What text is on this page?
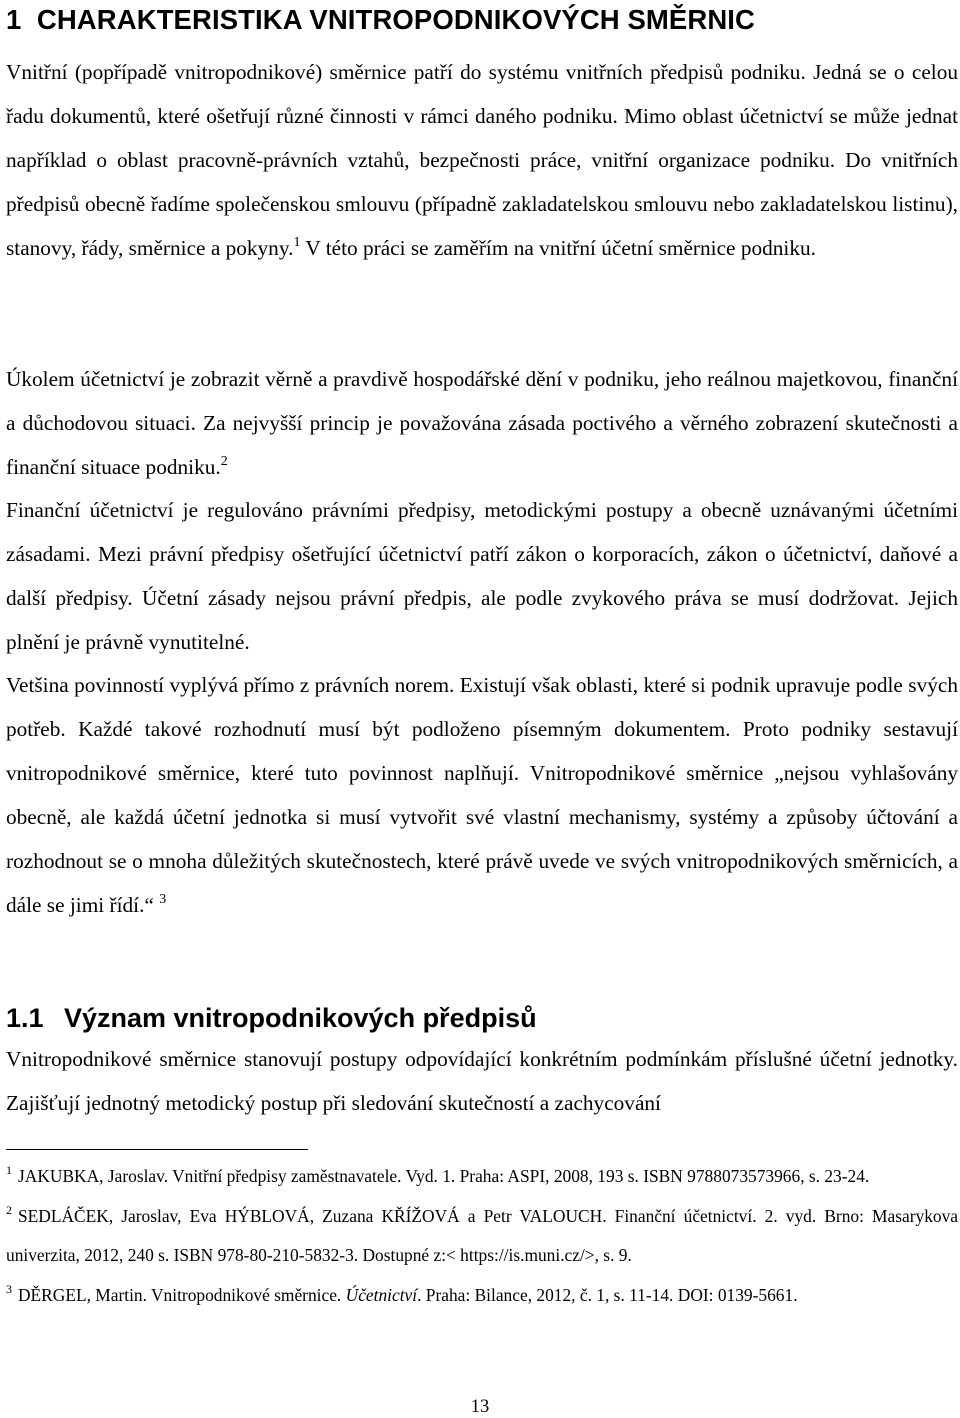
1 CHARAKTERISTIKA VNITROPODNIKOVÝCH SMĚRNIC

Vnitřní (popřípadě vnitropodnikové) směrnice patří do systému vnitřních předpisů podniku. Jedná se o celou řadu dokumentů, které ošetřují různé činnosti v rámci daného podniku. Mimo oblast účetnictví se může jednat například o oblast pracovně-právních vztahů, bezpečnosti práce, vnitřní organizace podniku. Do vnitřních předpisů obecně řadíme společenskou smlouvu (případně zakladatelskou smlouvu nebo zakladatelskou listinu), stanovy, řády, směrnice a pokyny.$^1$ V této práci se zaměřím na vnitřní účetní směrnice podniku.

Úkolem účetnictví je zobrazit věrně a pravdivě hospodářské dění v podniku, jeho reálnou majetkovou, finanční a důchodovou situaci. Za nejvyšší princip je považována zásada poctivého a věrného zobrazení skutečnosti a finanční situace podniku.$^2$

Finanční účetnictví je regulováno právními předpisy, metodickými postupy a obecně uznávanými účetními zásadami. Mezi právní předpisy ošetřující účetnictví patří zákon o korporacích, zákon o účetnictví, daňové a další předpisy. Účetní zásady nejsou právní předpis, ale podle zvykového práva se musí dodržovat. Jejich plnění je právně vynutitelné.

Vetšina povinností vyplývá přímo z právních norem. Existují však oblasti, které si podnik upravuje podle svých potřeb. Každé takové rozhodnutí musí být podloženo písemným dokumentem. Proto podniky sestavují vnitropodnikové směrnice, které tuto povinnost naplňují. Vnitropodnikové směrnice „nejsou vyhlašovány obecně, ale každá účetní jednotka si musí vytvořit své vlastní mechanismy, systémy a způsoby účtování a rozhodnout se o mnoha důležitých skutečnostech, které právě uvede ve svých vnitropodnikových směrnicích, a dále se jimi řídí.“ $^3$

1.1 Význam vnitropodnikových předpisů

Vnitropodnikové směrnice stanovují postupy odpovídající konkrétním podmínkám příslušné účetní jednotky. Zajišťují jednotný metodický postup při sledování skutečností a zachycování

$^1$ JAKUBKA, Jaroslav. Vnitřní předpisy zaměstnavatele. Vyd. 1. Praha: ASPI, 2008, 193 s. ISBN 9788073573966, s. 23-24.

$^2$ SEDLÁČEK, Jaroslav, Eva HÝBLOVÁ, Zuzana KŘÍŽOVÁ a Petr VALOUCH. Finanční účetnictví. 2. vyd. Brno: Masarykova univerzita, 2012, 240 s. ISBN 978-80-210-5832-3. Dostupné z:< https://is.muni.cz/>, s. 9.

$^3$ DĚRGEL, Martin. Vnitropodnikové směrnice. Účetnictví. Praha: Bilance, 2012, č. 1, s. 11-14. DOI: 0139-5661.

13
